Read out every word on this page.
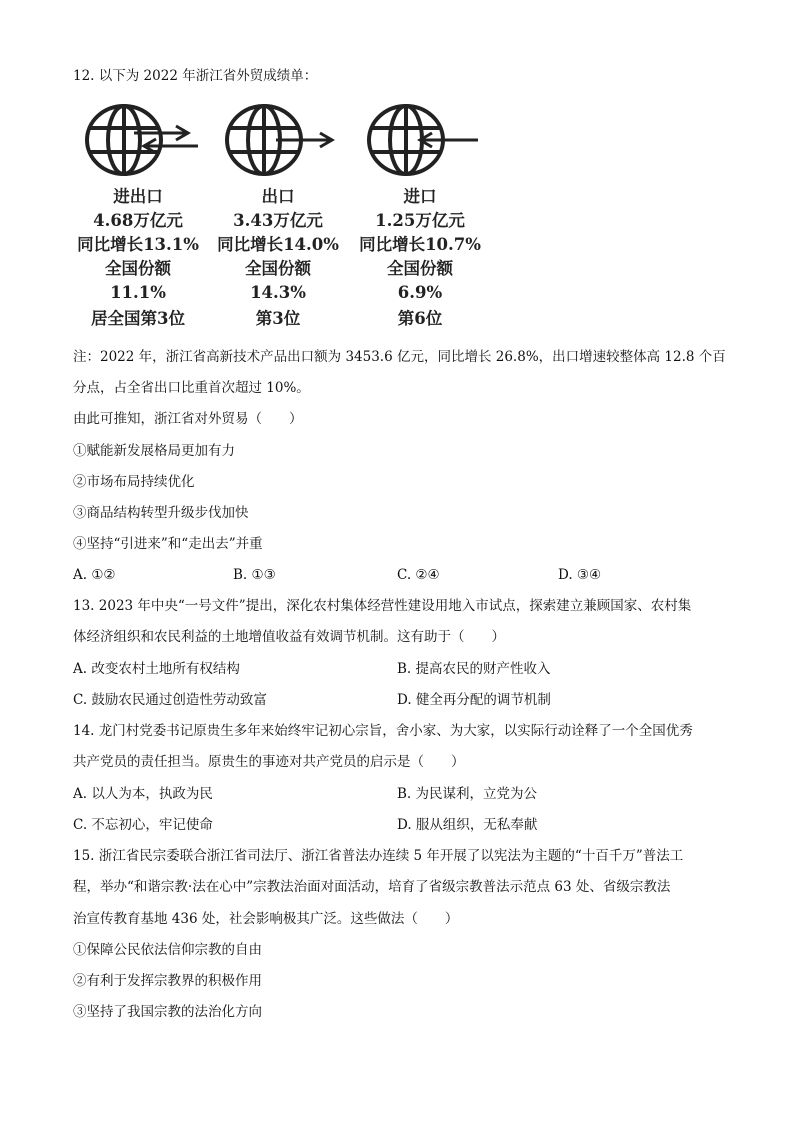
12. 以下为 2022 年浙江省外贸成绩单：
进出口
4.68万亿元
同比增长13.1%
全国份额
11.1%
居全国第3位
出口
3.43万亿元
同比增长14.0%
全国份额
14.3%
第3位
进口
1.25万亿元
同比增长10.7%
全国份额
6.9%
第6位
注：2022 年，浙江省高新技术产品出口额为 3453.6 亿元，同比增长 26.8%，出口增速较整体高 12.8 个百
分点，占全省出口比重首次超过 10%。
由此可推知，浙江省对外贸易（　　）
①赋能新发展格局更加有力
②市场布局持续优化
③商品结构转型升级步伐加快
④坚持“引进来”和“走出去”并重
A. ①②	B. ①③	C. ②④	D. ③④
13. 2023 年中央“一号文件”提出，深化农村集体经营性建设用地入市试点，探索建立兼顾国家、农村集
体经济组织和农民利益的土地增值收益有效调节机制。这有助于（　　）
A. 改变农村土地所有权结构	B. 提高农民的财产性收入
C. 鼓励农民通过创造性劳动致富	D. 健全再分配的调节机制
14. 龙门村党委书记原贵生多年来始终牢记初心宗旨，舍小家、为大家，以实际行动诠释了一个全国优秀
共产党员的责任担当。原贵生的事迹对共产党员的启示是（　　）
A. 以人为本，执政为民	B. 为民谋利，立党为公
C. 不忘初心，牢记使命	D. 服从组织，无私奉献
15. 浙江省民宗委联合浙江省司法厅、浙江省普法办连续 5 年开展了以宪法为主题的“十百千万”普法工
程，举办“和谐宗教·法在心中”宗教法治面对面活动，培育了省级宗教普法示范点 63 处、省级宗教法
治宣传教育基地 436 处，社会影响极其广泛。这些做法（　　）
①保障公民依法信仰宗教的自由
②有利于发挥宗教界的积极作用
③坚持了我国宗教的法治化方向
